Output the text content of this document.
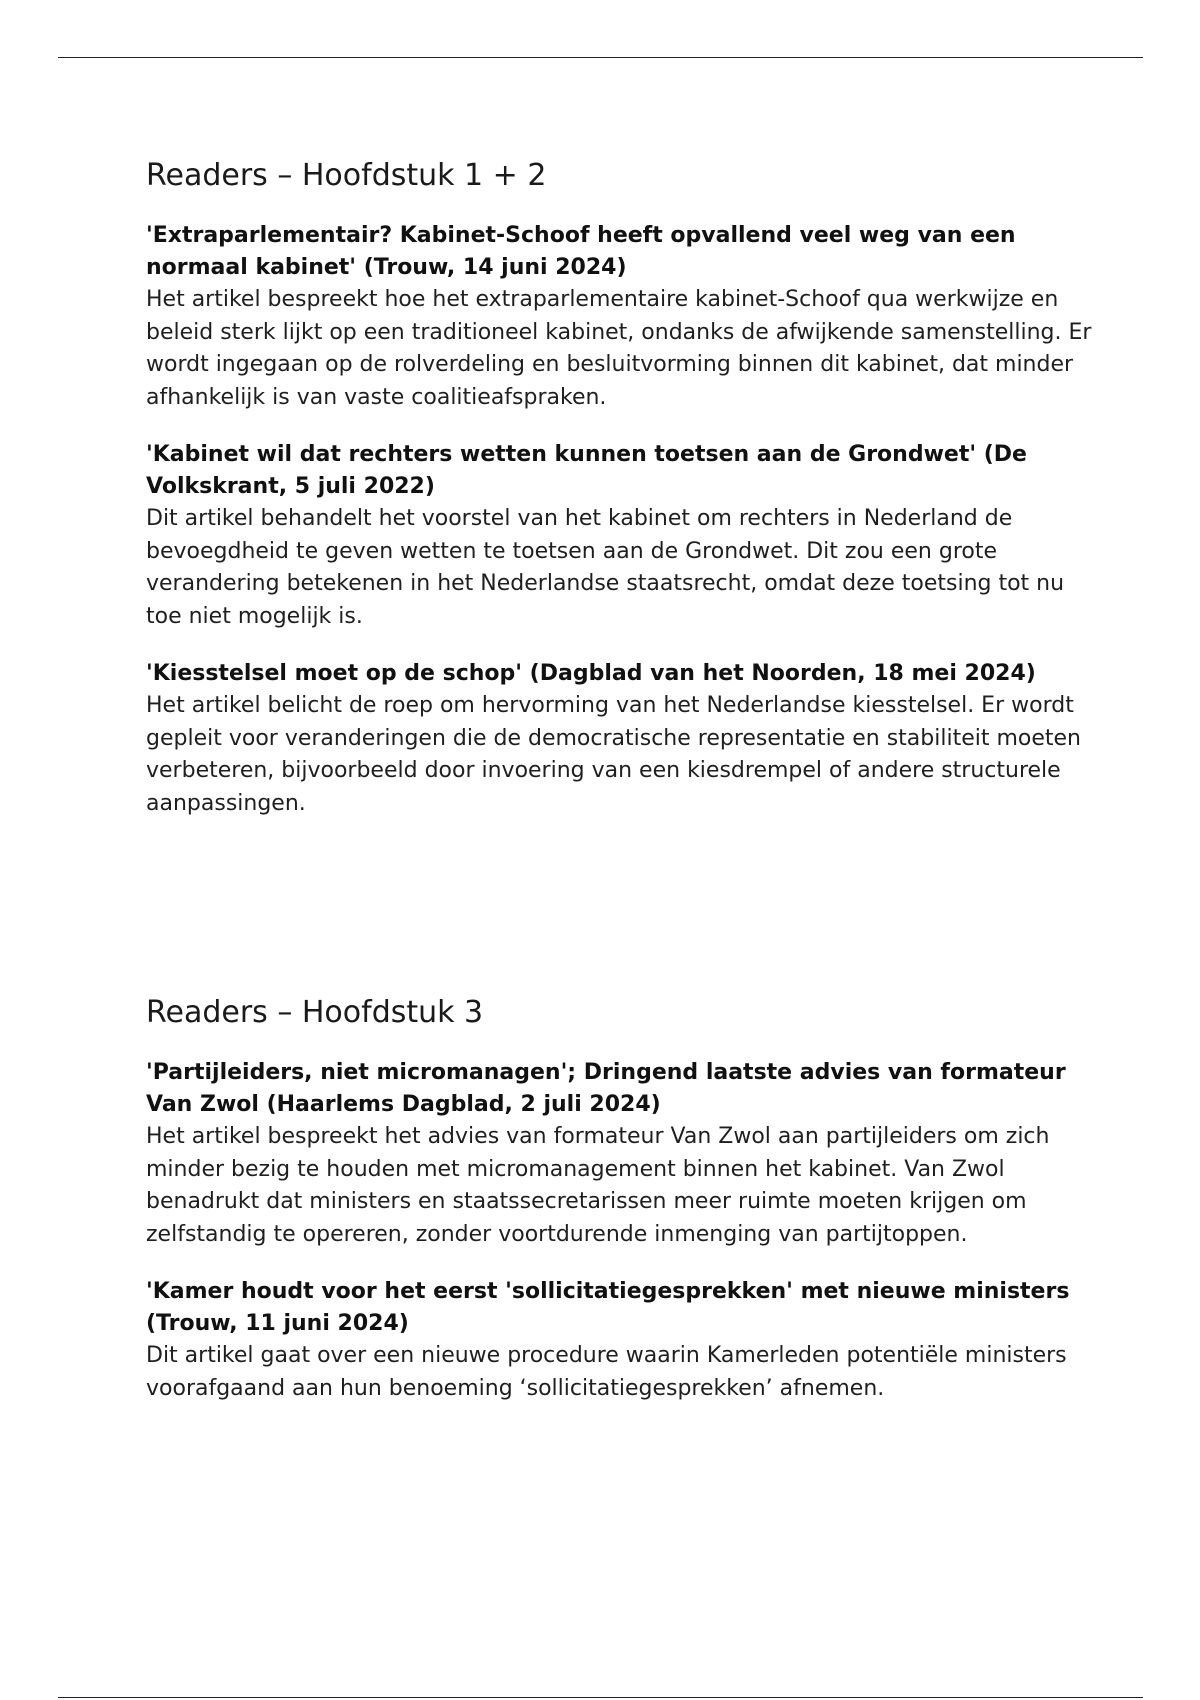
Readers – Hoofdstuk 1 + 2

'Extraparlementair? Kabinet-Schoof heeft opvallend veel weg van een normaal kabinet' (Trouw, 14 juni 2024)

Het artikel bespreekt hoe het extraparlementaire kabinet-Schoof qua werkwijze en beleid sterk lijkt op een traditioneel kabinet, ondanks de afwijkende samenstelling. Er wordt ingegaan op de rolverdeling en besluitvorming binnen dit kabinet, dat minder afhankelijk is van vaste coalitieafspraken.

'Kabinet wil dat rechters wetten kunnen toetsen aan de Grondwet' (De Volkskrant, 5 juli 2022)

Dit artikel behandelt het voorstel van het kabinet om rechters in Nederland de bevoegdheid te geven wetten te toetsen aan de Grondwet. Dit zou een grote verandering betekenen in het Nederlandse staatsrecht, omdat deze toetsing tot nu toe niet mogelijk is.

'Kiesstelsel moet op de schop' (Dagblad van het Noorden, 18 mei 2024)

Het artikel belicht de roep om hervorming van het Nederlandse kiesstelsel. Er wordt gepleit voor veranderingen die de democratische representatie en stabiliteit moeten verbeteren, bijvoorbeeld door invoering van een kiesdrempel of andere structurele aanpassingen.

Readers – Hoofdstuk 3

'Partijleiders, niet micromanagen'; Dringend laatste advies van formateur Van Zwol (Haarlems Dagblad, 2 juli 2024)

Het artikel bespreekt het advies van formateur Van Zwol aan partijleiders om zich minder bezig te houden met micromanagement binnen het kabinet. Van Zwol benadrukt dat ministers en staatssecretarissen meer ruimte moeten krijgen om zelfstandig te opereren, zonder voortdurende inmenging van partijtoppen.

'Kamer houdt voor het eerst 'sollicitatiegesprekken' met nieuwe ministers (Trouw, 11 juni 2024)

Dit artikel gaat over een nieuwe procedure waarin Kamerleden potentiële ministers voorafgaand aan hun benoeming ‘sollicitatiegesprekken’ afnemen.
